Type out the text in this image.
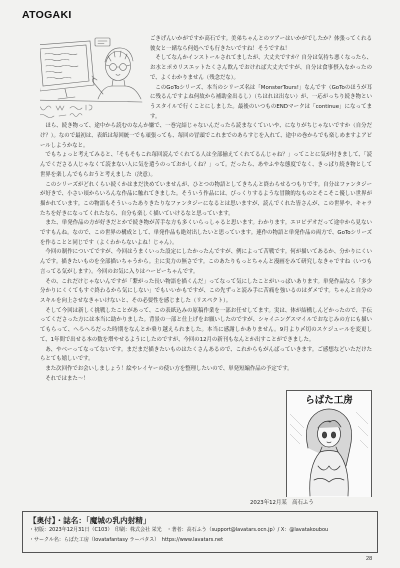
ATOGAKI
らばた工房

ごきげんいかがですか高石です。美弟ちゃんとのツアーはいかがでしたか？体張ってくれる彼女と一緒なら何処へでも行きたいですね！そうですね！

そしてなんかインストールされてましたが、大丈夫ですか？自分は気持ち悪くなったら、お水とポカリスエットたくさん飲んでおければ大丈夫ですが、自分は食事摂入なかったので、よくわかりません（残念だな）。

このGoToシリーズ、本当のシリーズ名は「MonsterTours!」なんです（GoToのほうが耳に残るんですよね何故から補助金出るし）（ちはれは出ない）が、一応がっちり続き物というスタイルで行くことにしました。最後のいつものENDマークは「continue」になってます。

ほら、続き物って、途中から読むのなんか嫌で、一巻完結じゃないんだったら読まなくていいや、になりがちじゃないですか（自分だけ？）。なので最初は、表紙は毎回統一でも頑張っても、毎回の冒頭でこれまでのあらすじを入れて、途中の巻からでも楽しめますよアピールしようかなと。

でもちょっと考えてみると、「そもそもこれ毎回読んでくれてる人は全部揃えてくれてるんじゃね？」ってことに気が付きまして、「読んでくださる人じゃなくて読まない人に気を遣うのっておかしくね？」って。だったら、あやふやな態度でなく、きっぱり続き物として世界を楽しんでもらおうと考えました（決意）。

このシリーズがどれくらい続くかはまだ決めていませんが、ひとつの物語としてきちんと終わらせるつもりです。自分はファンタジーが好きで、小さい頃からいろんな作品に触れてきました。そういう作品には、びっくりするような冒険的なものとそこそこ優しい世界が描かれています。この物語もそういったありきたりなファンタジーになるとは思いますが、読んでくれた皆さんが、この世界や、キャラたちを好きになってくれたなら、自分も楽しく描いていけるなと思っています。

また、単発作品の方が好きだとかで続き物が苦手な方も多くいらっしゃると思います。わかります。エロビデオだって途中から見ないですもんね。なので、この世界の構成として、単発作品も絶対出したいと思っています。連作の物語と単発作品の両方で、GoToシリーズを作ることと同じです（よくわからないよね！じゃん）。

今回の制作についてですが、今回はうまくいった設定にしたかったんですが、例によって苦戦です。何が描いてあるか、分かりにくいんです。描きたいものを全部描いちゃうから。主に実力の無さです。このあたりもっとちゃんと漫画をみて研究しなきゃですね（いつも言ってる気がします）。今回のお気に入りはハーピーちゃんです。

その、これだけじゃないんですが「繋がった長い物語を描くんだ」ってなって気にしたことがいっぱいあります。単発作品なら「多少分かりにくくてもすぐ終わるから気にしない」でもいいかもですが、この先ずっと読み手に苦痛を強いるのはダメです。ちゃんと自分のスキルを向上させなきゃいけないと、その必要性を感じました（リスペクト）。

そして今回は新しく挑戦したことがあって、この表紙込みの原稿作業を一部お任せしてます。実は、体が結構しんどかったので、手伝ってくださった方には本当に助かりました。背景の一部と仕上げをお願いしたのですが、シャイニングスマイルでおなじみの方にも描いてもらって、へろへろだった時期をなんとか乗り越えられました。本当に感謝しかありません。9月より〆切のスケジュールを変更して、1年間で出せる本の数を増やせるようにしたのですが、今回の12月の新刊もなんとか出すことができました。

あ、やべーってなってないです。まだまだ描きたいものはたくさんあるので、これからもがんばっていきます。ご感想などいただけたらとても嬉しいです。

また次回作でお会いしましょう！絵やレイヤーの使い方を整理したいので、単発短編作品の予定です。

それではまた〜！

2023年12月某　高石ふう
【奥付】・誌名：「魔城の乳内射精」
・初版：2023年12月31日（C103）　印刷：株式会社 栄光　・著者：高石ふう（support@lavatars.ocn.jp）/ X：@lavatakoubou
・サークル名：らばた工房（lovatafantasy ラーバタス）　https://www.lavatars.net
28
